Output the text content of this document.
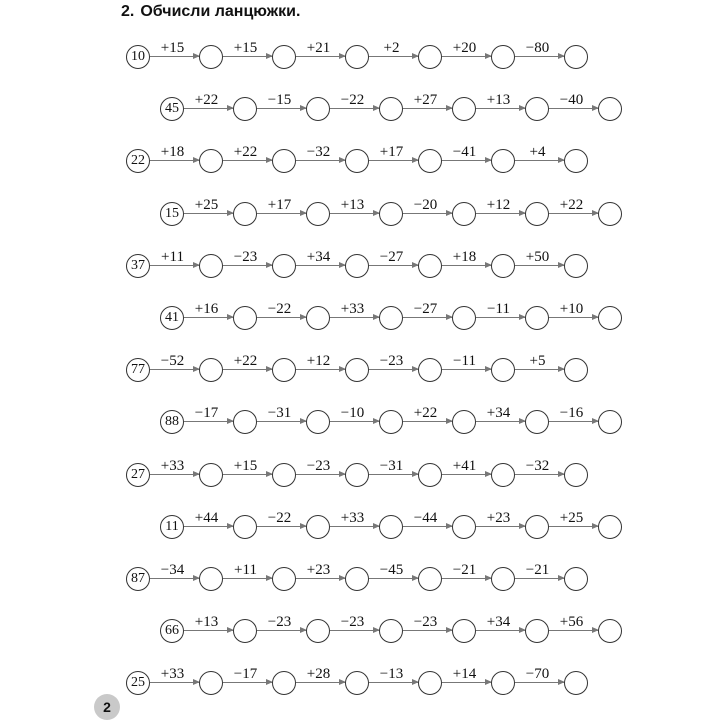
2. Обчисли ланцюжки.
10
+15	+15	+21	+2	+20	−80
45
+22	−15	−22	+27	+13	−40
22
+18	+22	−32	+17	−41	+4
15
+25	+17	+13	−20	+12	+22
37
+11	−23	+34	−27	+18	+50
41
+16	−22	+33	−27	−11	+10
77
−52	+22	+12	−23	−11	+5
88
−17	−31	−10	+22	+34	−16
27
+33	+15	−23	−31	+41	−32
11
+44	−22	+33	−44	+23	+25
87
−34	+11	+23	−45	−21	−21
66
+13	−23	−23	−23	+34	+56
25
+33	−17	+28	−13	+14	−70
2
